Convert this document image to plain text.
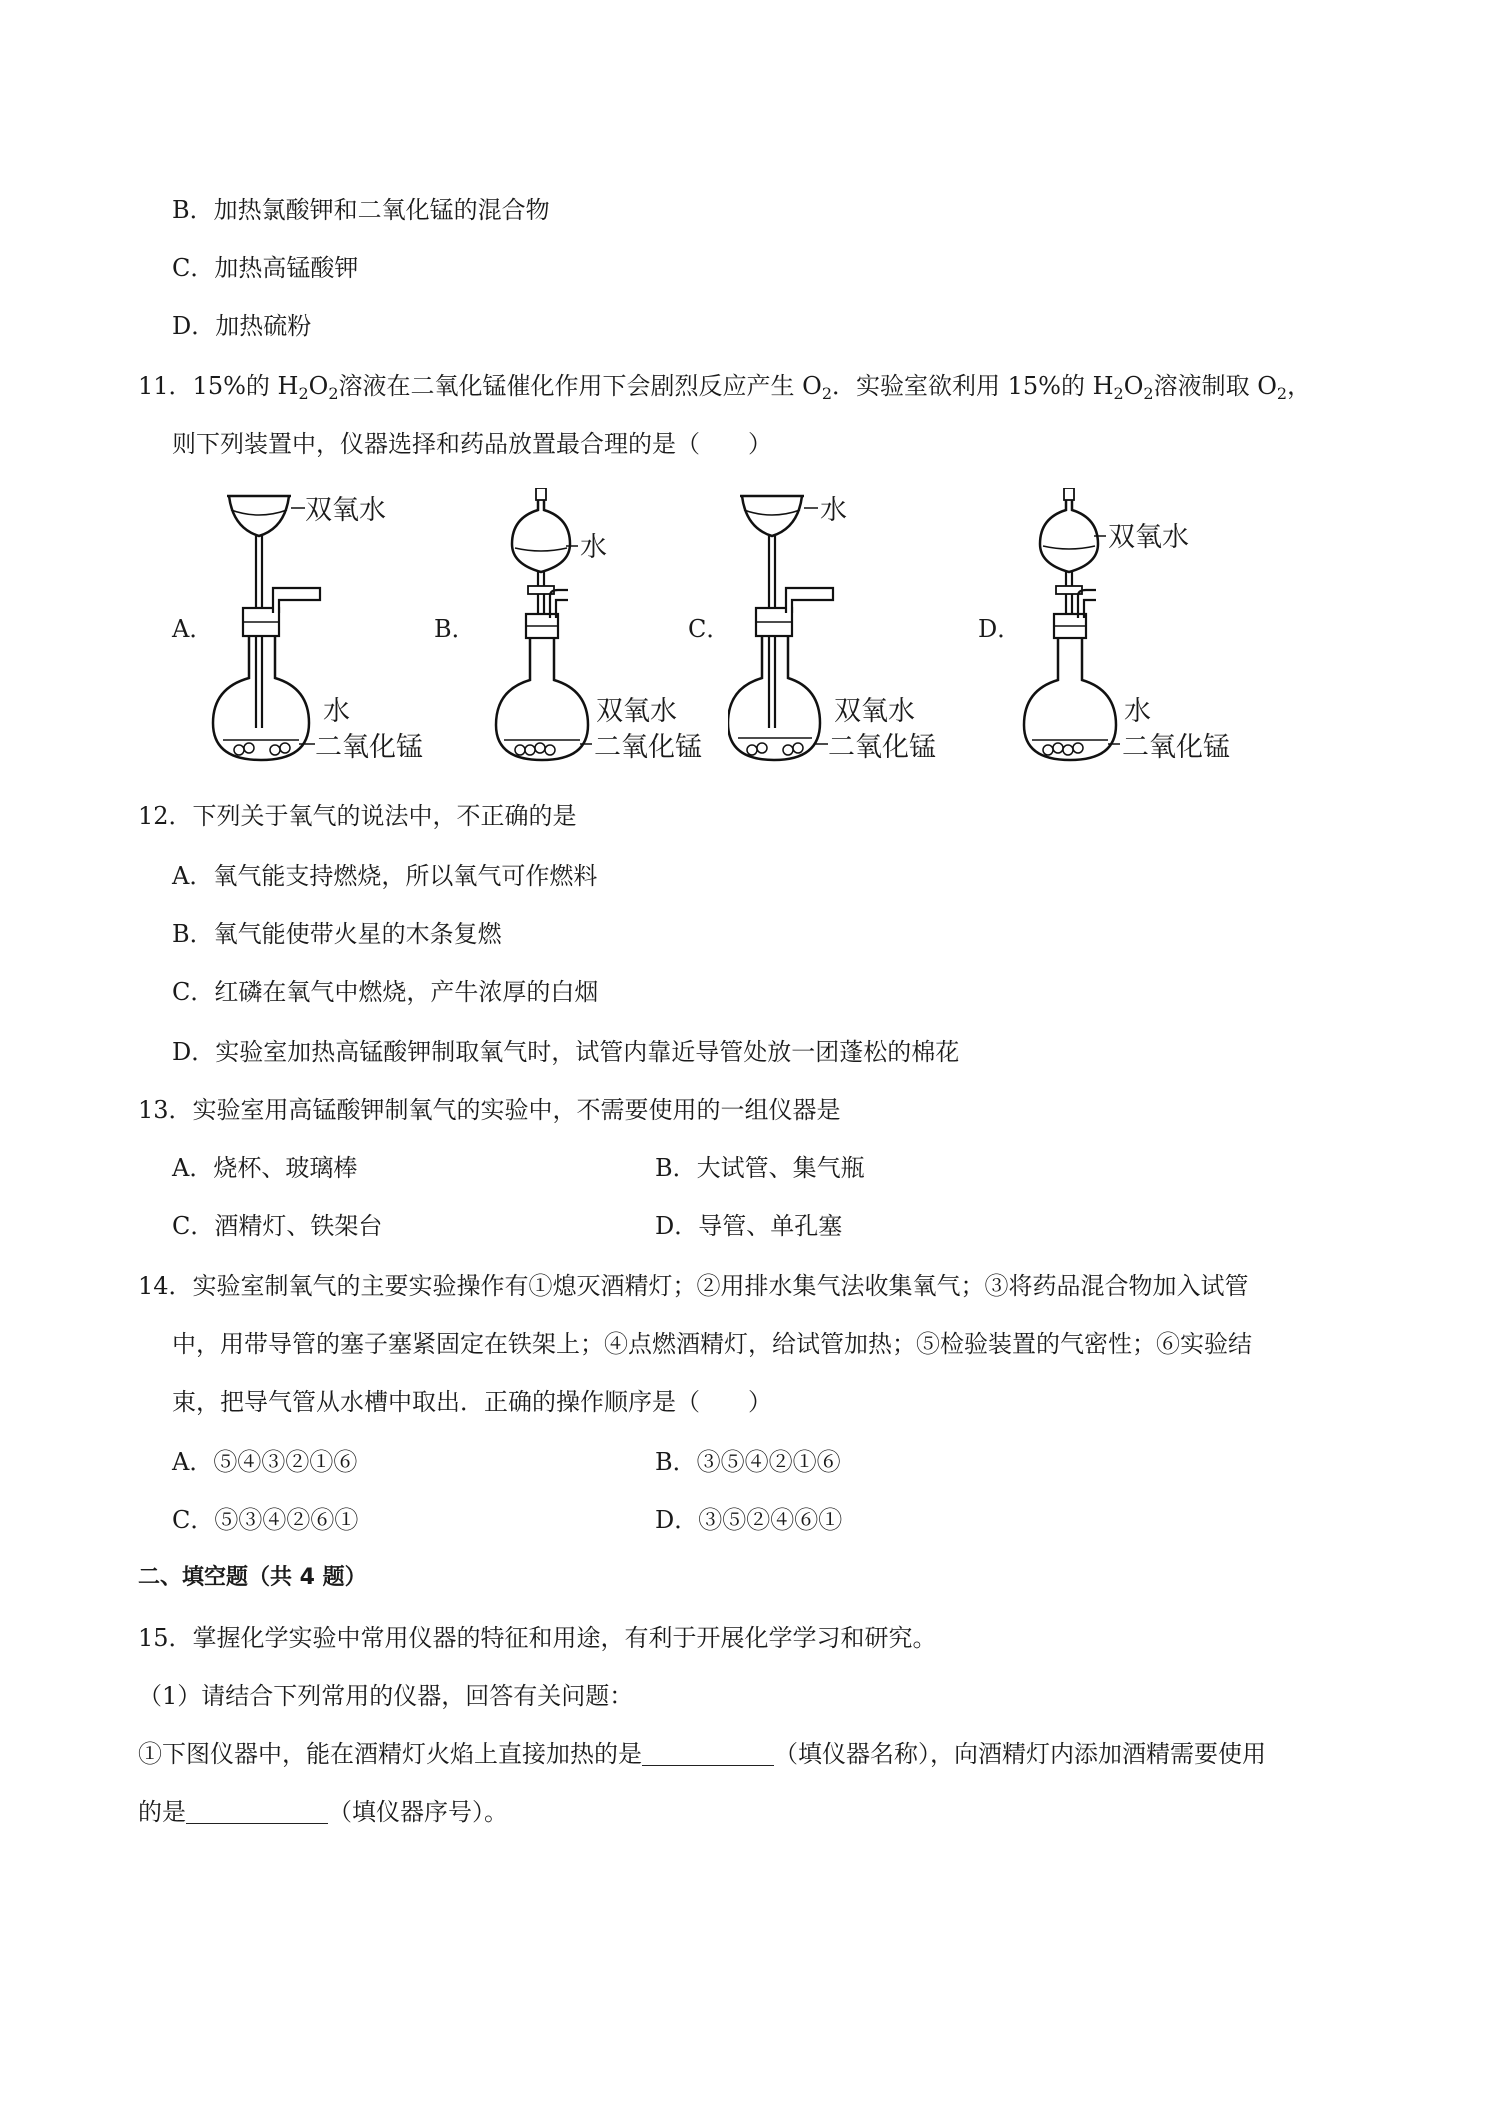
B．加热氯酸钾和二氧化锰的混合物
C．加热高锰酸钾
D．加热硫粉
11．15%的 $H_2O_2$溶液在二氧化锰催化作用下会剧烈反应产生 $O_2$．实验室欲利用 15%的 $H_2O_2$溶液制取 $O_2$，
则下列装置中，仪器选择和药品放置最合理的是（　　）
A．
双氧水
水
二氧化锰
B．
水
双氧水
二氧化锰
C．
水
双氧水
二氧化锰
D．
双氧水
水
二氧化锰
12．下列关于氧气的说法中，不正确的是
A．氧气能支持燃烧，所以氧气可作燃料
B．氧气能使带火星的木条复燃
C．红磷在氧气中燃烧，产牛浓厚的白烟
D．实验室加热高锰酸钾制取氧气时，试管内靠近导管处放一团蓬松的棉花
13．实验室用高锰酸钾制氧气的实验中，不需要使用的一组仪器是
A．烧杯、玻璃棒	B．大试管、集气瓶
C．酒精灯、铁架台	D．导管、单孔塞
14．实验室制氧气的主要实验操作有①熄灭酒精灯；②用排水集气法收集氧气；③将药品混合物加入试管
中，用带导管的塞子塞紧固定在铁架上；④点燃酒精灯，给试管加热；⑤检验装置的气密性；⑥实验结
束，把导气管从水槽中取出．正确的操作顺序是（　　）
A．⑤④③②①⑥	B．③⑤④②①⑥
C．⑤③④②⑥①	D．③⑤②④⑥①
二、填空题（共 4 题）
15．掌握化学实验中常用仪器的特征和用途，有利于开展化学学习和研究。
（1）请结合下列常用的仪器，回答有关问题：
①下图仪器中，能在酒精灯火焰上直接加热的是	（填仪器名称），向酒精灯内添加酒精需要使用
的是	（填仪器序号）。
